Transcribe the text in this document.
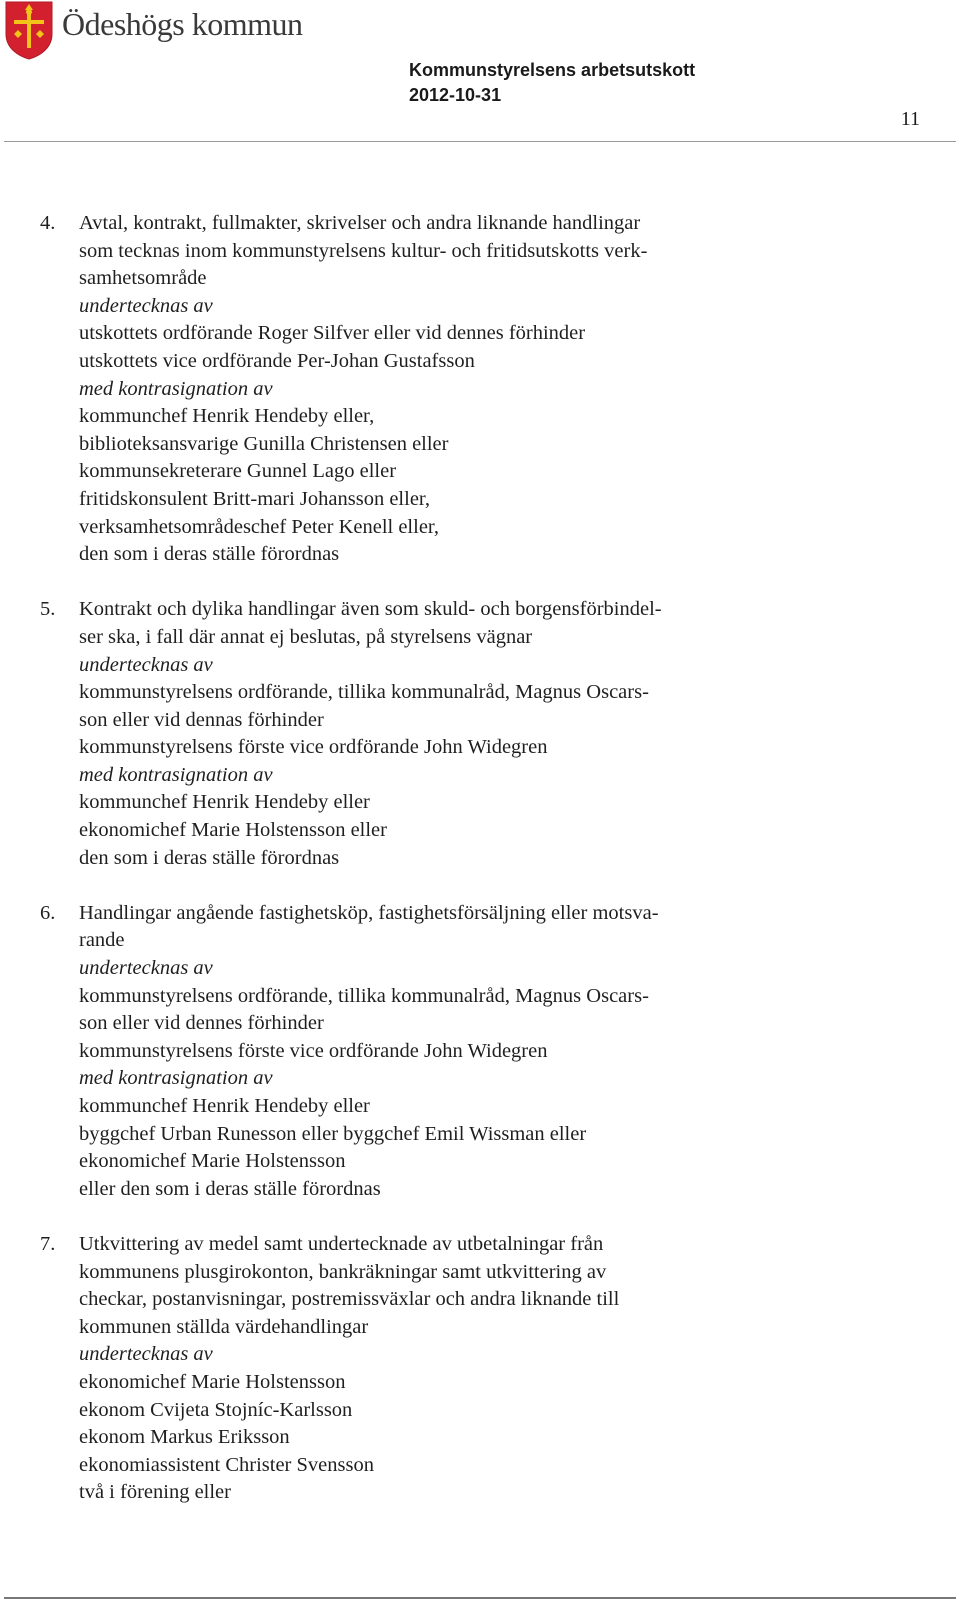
Ödeshögs kommun
Kommunstyrelsens arbetsutskott
2012-10-31
11
4. Avtal, kontrakt, fullmakter, skrivelser och andra liknande handlingar
som tecknas inom kommunstyrelsens kultur- och fritidsutskotts verk-
samhetsområde
undertecknas av
utskottets ordförande Roger Silfver eller vid dennes förhinder
utskottets vice ordförande Per-Johan Gustafsson
med kontrasignation av
kommunchef Henrik Hendeby eller,
biblioteksansvarige Gunilla Christensen eller
kommunsekreterare Gunnel Lago eller
fritidskonsulent Britt-mari Johansson eller,
verksamhetsområdeschef Peter Kenell eller,
den som i deras ställe förordnas
5. Kontrakt och dylika handlingar även som skuld- och borgensförbindel-
ser ska, i fall där annat ej beslutas, på styrelsens vägnar
undertecknas av
kommunstyrelsens ordförande, tillika kommunalråd, Magnus Oscars-
son eller vid dennas förhinder
kommunstyrelsens förste vice ordförande John Widegren
med kontrasignation av
kommunchef Henrik Hendeby eller
ekonomichef Marie Holstensson eller
den som i deras ställe förordnas
6. Handlingar angående fastighetsköp, fastighetsförsäljning eller motsva-
rande
undertecknas av
kommunstyrelsens ordförande, tillika kommunalråd, Magnus Oscars-
son eller vid dennes förhinder
kommunstyrelsens förste vice ordförande John Widegren
med kontrasignation av
kommunchef Henrik Hendeby eller
byggchef Urban Runesson eller byggchef Emil Wissman eller
ekonomichef Marie Holstensson
eller den som i deras ställe förordnas
7. Utkvittering av medel samt undertecknade av utbetalningar från
kommunens plusgirokonton, bankräkningar samt utkvittering av
checkar, postanvisningar, postremissväxlar och andra liknande till
kommunen ställda värdehandlingar
undertecknas av
ekonomichef Marie Holstensson
ekonom Cvijeta Stojníc-Karlsson
ekonom Markus Eriksson
ekonomiassistent Christer Svensson
två i förening eller
